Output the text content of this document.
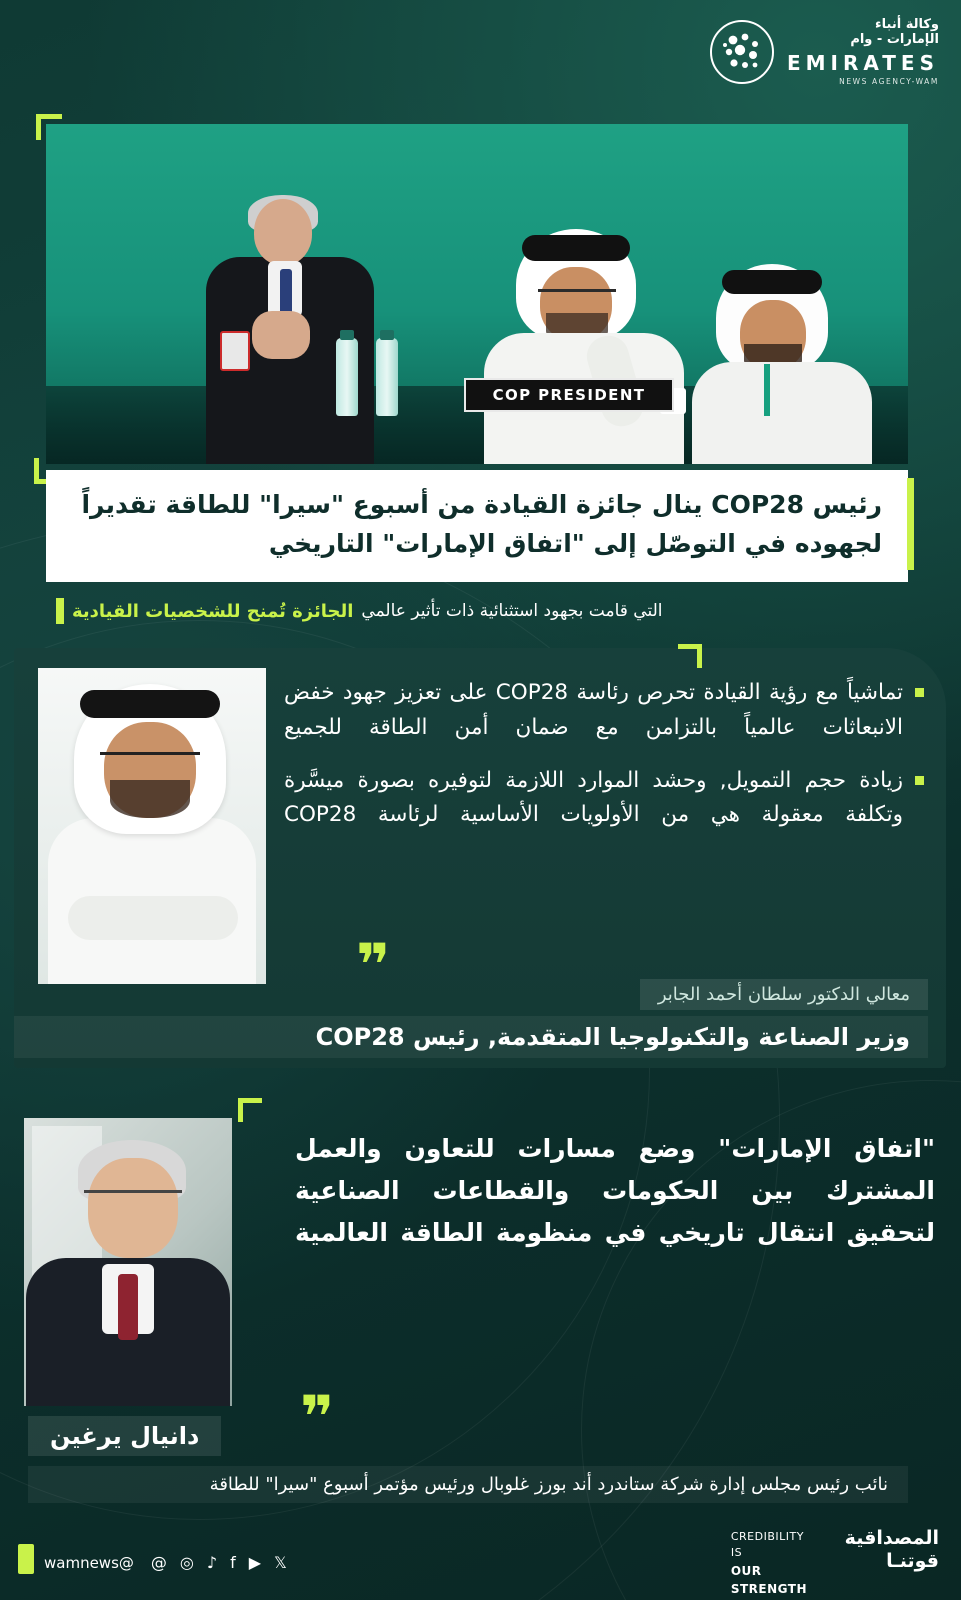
وكالة أنباء
الإمارات - وام
EMIRATES
NEWS AGENCY-WAM
COP PRESIDENT

رئيس COP28 ينال جائزة القيادة من أسبوع "سيرا" للطاقة تقديراً لجهوده في التوصّل إلى "اتفاق الإمارات" التاريخي

التي قامت بجهود استثنائية ذات تأثير عالمي
الجائزة تُمنح للشخصيات القيادية

تماشياً مع رؤية القيادة تحرص رئاسة COP28 على تعزيز جهود خفض الانبعاثات عالمياً بالتزامن مع ضمان أمن الطاقة للجميع

زيادة حجم التمويل, وحشد الموارد اللازمة لتوفيره بصورة ميسَّرة وتكلفة معقولة هي من الأولويات الأساسية لرئاسة COP28

❞	معالي الدكتور سلطان أحمد الجابر
وزير الصناعة والتكنولوجيا المتقدمة, رئيس COP28

"اتفاق الإمارات" وضع مسارات للتعاون والعمل المشترك بين الحكومات والقطاعات الصناعية لتحقيق انتقال تاريخي في منظومة الطاقة العالمية

❞
دانيال يرغين
نائب رئيس مجلس إدارة شركة ستاندرد أند بورز غلوبال ورئيس مؤتمر أسبوع "سيرا" للطاقة
𝕏
▶
f
♪
◎
@
@wamnews
المصداقية
قوتنـا
CREDIBILITY IS
OUR STRENGTH
